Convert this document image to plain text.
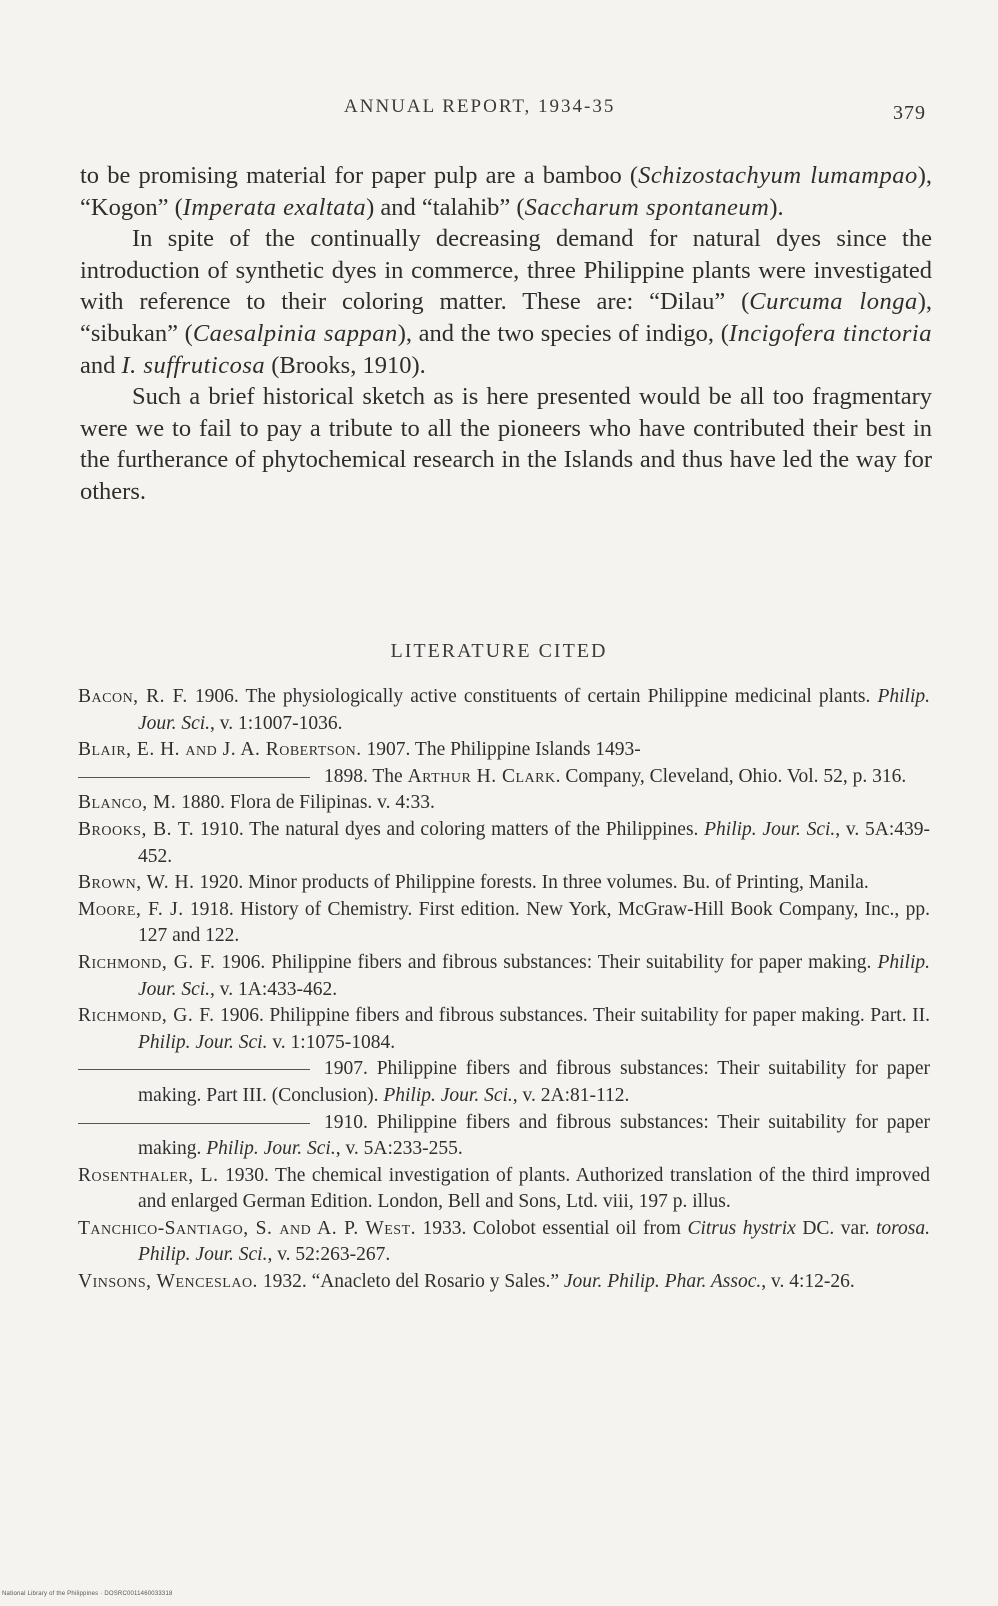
ANNUAL REPORT, 1934-35	379

to be promising material for paper pulp are a bamboo (Schizostachyum lumampao), “Kogon” (Imperata exaltata) and “talahib” (Saccharum spontaneum).

In spite of the continually decreasing demand for natural dyes since the introduction of synthetic dyes in commerce, three Philippine plants were investigated with reference to their coloring matter. These are: “Dilau” (Curcuma longa), “sibukan” (Caesalpinia sappan), and the two species of indigo, (Incigofera tinctoria and I. suffruticosa (Brooks, 1910).

Such a brief historical sketch as is here presented would be all too fragmentary were we to fail to pay a tribute to all the pioneers who have contributed their best in the furtherance of phytochemical research in the Islands and thus have led the way for others.

LITERATURE CITED

Bacon, R. F. 1906. The physiologically active constituents of certain Philippine medicinal plants. Philip. Jour. Sci., v. 1:1007-1036.

Blair, E. H. and J. A. Robertson. 1907. The Philippine Islands 1493-

1898. The Arthur H. Clark. Company, Cleveland, Ohio. Vol. 52, p. 316.

Blanco, M. 1880. Flora de Filipinas. v. 4:33.

Brooks, B. T. 1910. The natural dyes and coloring matters of the Philippines. Philip. Jour. Sci., v. 5A:439-452.

Brown, W. H. 1920. Minor products of Philippine forests. In three volumes. Bu. of Printing, Manila.

Moore, F. J. 1918. History of Chemistry. First edition. New York, McGraw-Hill Book Company, Inc., pp. 127 and 122.

Richmond, G. F. 1906. Philippine fibers and fibrous substances: Their suitability for paper making. Philip. Jour. Sci., v. 1A:433-462.

Richmond, G. F. 1906. Philippine fibers and fibrous substances. Their suitability for paper making. Part. II. Philip. Jour. Sci. v. 1:1075-1084.

1907. Philippine fibers and fibrous substances: Their suitability for paper making. Part III. (Conclusion). Philip. Jour. Sci., v. 2A:81-112.

1910. Philippine fibers and fibrous substances: Their suitability for paper making. Philip. Jour. Sci., v. 5A:233-255.

Rosenthaler, L. 1930. The chemical investigation of plants. Authorized translation of the third improved and enlarged German Edition. London, Bell and Sons, Ltd. viii, 197 p. illus.

Tanchico-Santiago, S. and A. P. West. 1933. Colobot essential oil from Citrus hystrix DC. var. torosa. Philip. Jour. Sci., v. 52:263-267.

Vinsons, Wenceslao. 1932. “Anacleto del Rosario y Sales.” Jour. Philip. Phar. Assoc., v. 4:12-26.

National Library of the Philippines · DOSRC0011460033318
